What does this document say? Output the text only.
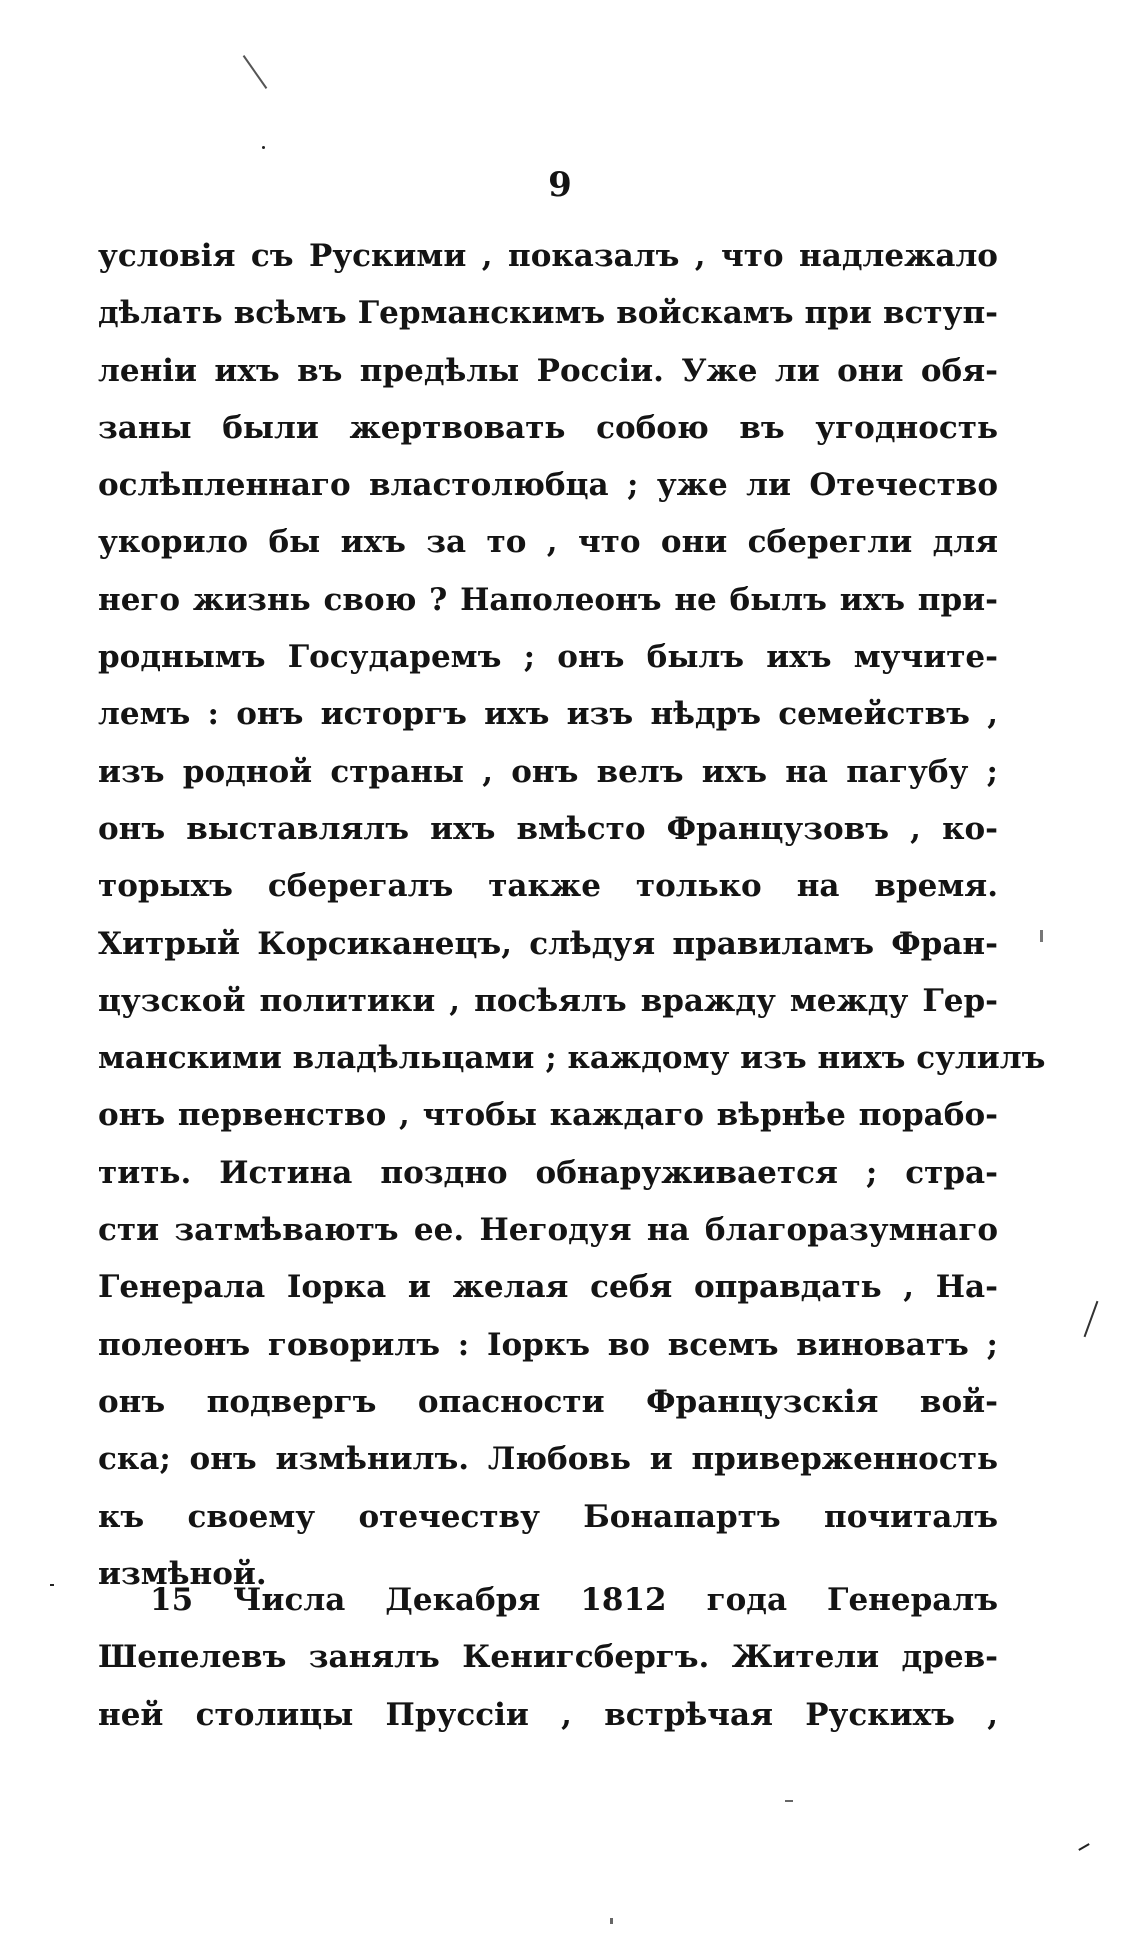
9
условія съ Рускими , показалъ , что надлежало
дѣлать всѣмъ Германскимъ войскамъ при вступ-
леніи ихъ въ предѣлы Россіи. Уже ли они обя-
заны были жертвовать собою въ угодность
ослѣпленнаго властолюбца ; уже ли Отечество
укорило бы ихъ за то , что они сберегли для
него жизнь свою ? Наполеонъ не былъ ихъ при-
роднымъ Государемъ ; онъ былъ ихъ мучите-
лемъ : онъ исторгъ ихъ изъ нѣдръ семействъ ,
изъ родной страны , онъ велъ ихъ на пагубу ;
онъ выставлялъ ихъ вмѣсто Французовъ , ко-
торыхъ сберегалъ также только на время.
Хитрый Корсиканецъ, слѣдуя правиламъ Фран-
цузской политики , посѣялъ вражду между Гер-
манскими владѣльцами ; каждому изъ нихъ сулилъ
онъ первенство , чтобы каждаго вѣрнѣе порабо-
тить. Истина поздно обнаруживается ; стра-
сти затмѣваютъ ее. Негодуя на благоразумнаго
Генерала Іорка и желая себя оправдать , На-
полеонъ говорилъ : Іоркъ во всемъ виноватъ ;
онъ подвергъ опасности Французскія вой-
ска; онъ измѣнилъ. Любовь и приверженность
къ своему отечеству Бонапартъ почиталъ
измѣной.
15 Числа Декабря 1812 года Генералъ
Шепелевъ занялъ Кенигсбергъ. Жители древ-
ней столицы Пруссіи , встрѣчая Рускихъ ,
